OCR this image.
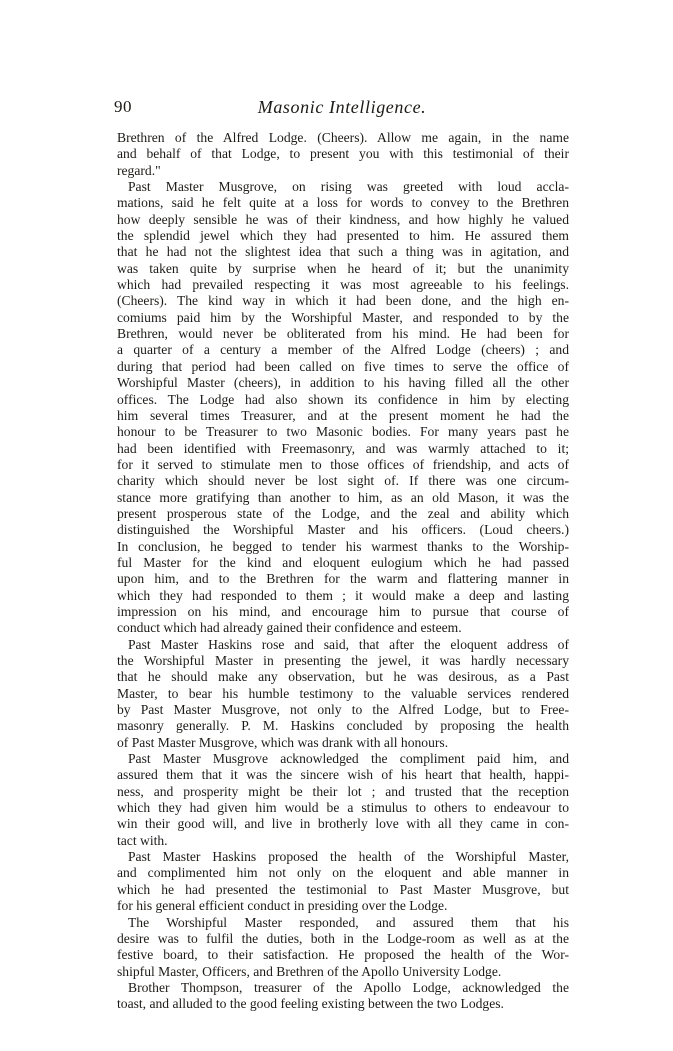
90	Masonic Intelligence.
Brethren of the Alfred Lodge. (Cheers). Allow me again, in the name
and behalf of that Lodge, to present you with this testimonial of their
regard."
Past Master Musgrove, on rising was greeted with loud accla-
mations, said he felt quite at a loss for words to convey to the Brethren
how deeply sensible he was of their kindness, and how highly he valued
the splendid jewel which they had presented to him. He assured them
that he had not the slightest idea that such a thing was in agitation, and
was taken quite by surprise when he heard of it; but the unanimity
which had prevailed respecting it was most agreeable to his feelings.
(Cheers). The kind way in which it had been done, and the high en-
comiums paid him by the Worshipful Master, and responded to by the
Brethren, would never be obliterated from his mind. He had been for
a quarter of a century a member of the Alfred Lodge (cheers) ; and
during that period had been called on five times to serve the office of
Worshipful Master (cheers), in addition to his having filled all the other
offices. The Lodge had also shown its confidence in him by electing
him several times Treasurer, and at the present moment he had the
honour to be Treasurer to two Masonic bodies. For many years past he
had been identified with Freemasonry, and was warmly attached to it;
for it served to stimulate men to those offices of friendship, and acts of
charity which should never be lost sight of. If there was one circum-
stance more gratifying than another to him, as an old Mason, it was the
present prosperous state of the Lodge, and the zeal and ability which
distinguished the Worshipful Master and his officers. (Loud cheers.)
In conclusion, he begged to tender his warmest thanks to the Worship-
ful Master for the kind and eloquent eulogium which he had passed
upon him, and to the Brethren for the warm and flattering manner in
which they had responded to them ; it would make a deep and lasting
impression on his mind, and encourage him to pursue that course of
conduct which had already gained their confidence and esteem.
Past Master Haskins rose and said, that after the eloquent address of
the Worshipful Master in presenting the jewel, it was hardly necessary
that he should make any observation, but he was desirous, as a Past
Master, to bear his humble testimony to the valuable services rendered
by Past Master Musgrove, not only to the Alfred Lodge, but to Free-
masonry generally. P. M. Haskins concluded by proposing the health
of Past Master Musgrove, which was drank with all honours.
Past Master Musgrove acknowledged the compliment paid him, and
assured them that it was the sincere wish of his heart that health, happi-
ness, and prosperity might be their lot ; and trusted that the reception
which they had given him would be a stimulus to others to endeavour to
win their good will, and live in brotherly love with all they came in con-
tact with.
Past Master Haskins proposed the health of the Worshipful Master,
and complimented him not only on the eloquent and able manner in
which he had presented the testimonial to Past Master Musgrove, but
for his general efficient conduct in presiding over the Lodge.
The Worshipful Master responded, and assured them that his
desire was to fulfil the duties, both in the Lodge-room as well as at the
festive board, to their satisfaction. He proposed the health of the Wor-
shipful Master, Officers, and Brethren of the Apollo University Lodge.
Brother Thompson, treasurer of the Apollo Lodge, acknowledged the
toast, and alluded to the good feeling existing between the two Lodges.
